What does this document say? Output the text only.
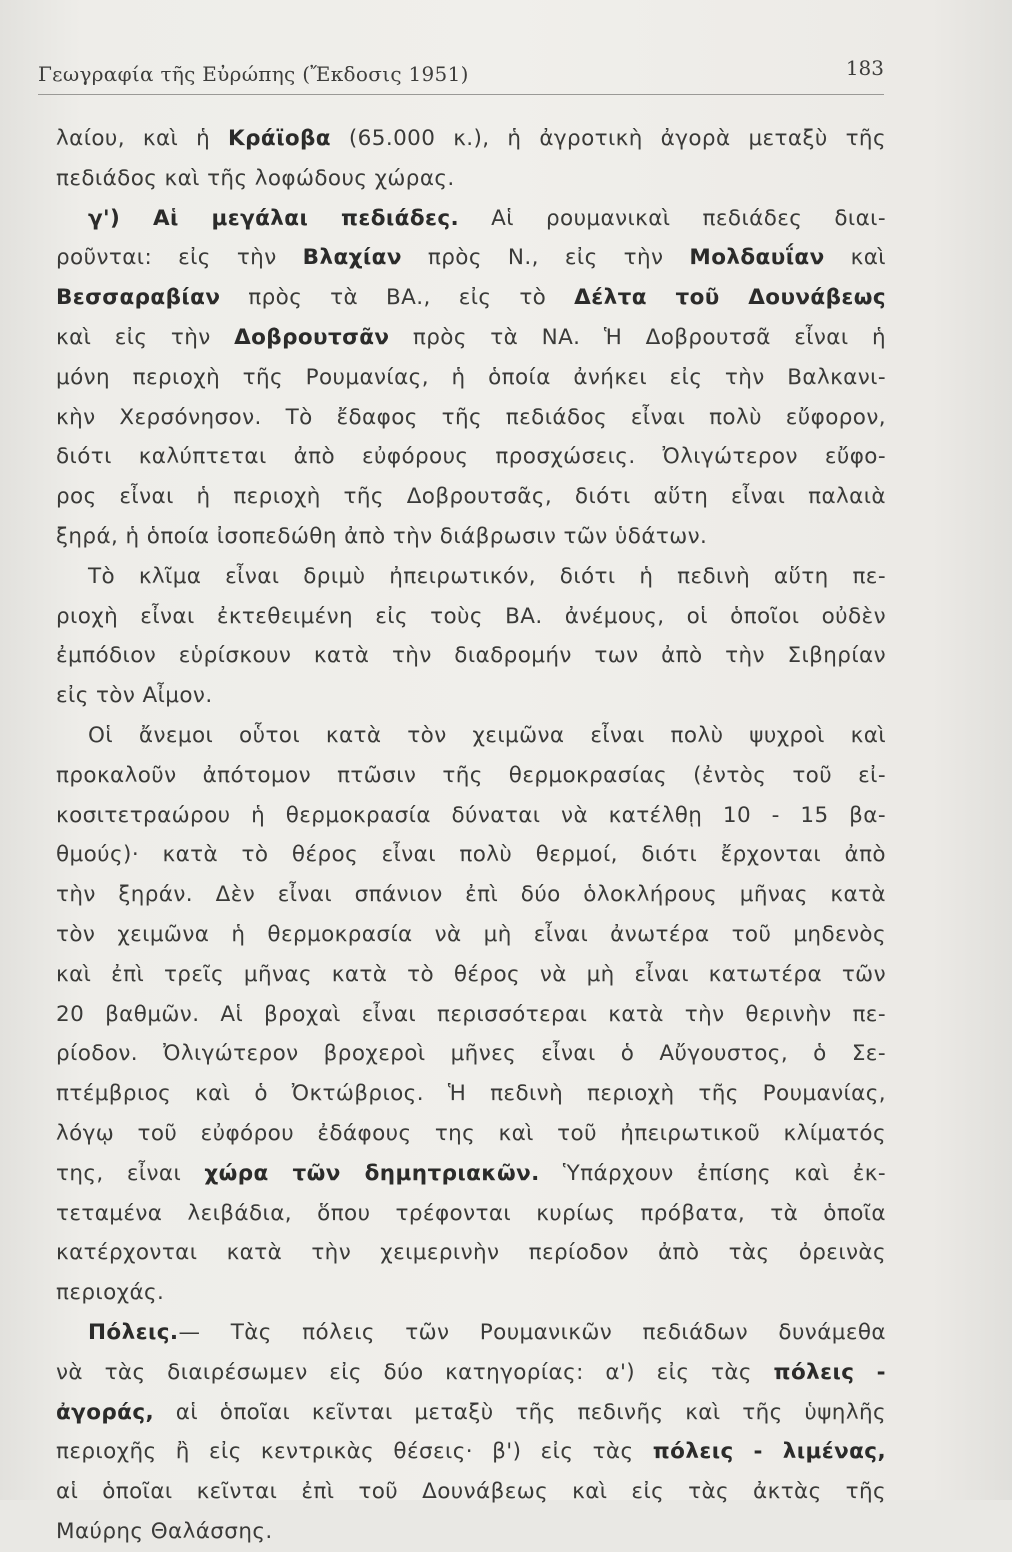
Γεωγραφία τῆς Εὐρώπης (Ἔκδοσις 1951)	183
λαίου, καὶ ἡ Κράϊοβα (65.000 κ.), ἡ ἀγροτικὴ ἀγορὰ μεταξὺ τῆς
πεδιάδος καὶ τῆς λοφώδους χώρας.
γ') Αἱ μεγάλαι πεδιάδες. Αἱ ρουμανικαὶ πεδιάδες διαι-
ροῦνται: εἰς τὴν Βλαχίαν πρὸς Ν., εἰς τὴν Μολδαυΐαν καὶ
Βεσσαραβίαν πρὸς τὰ ΒΑ., εἰς τὸ Δέλτα τοῦ Δουνάβεως
καὶ εἰς τὴν Δοβρουτσᾶν πρὸς τὰ ΝΑ. Ἡ Δοβρουτσᾶ εἶναι ἡ
μόνη περιοχὴ τῆς Ρουμανίας, ἡ ὁποία ἀνήκει εἰς τὴν Βαλκανι-
κὴν Χερσόνησον. Τὸ ἔδαφος τῆς πεδιάδος εἶναι πολὺ εὔφορον,
διότι καλύπτεται ἀπὸ εὐφόρους προσχώσεις. Ὀλιγώτερον εὔφο-
ρος εἶναι ἡ περιοχὴ τῆς Δοβρουτσᾶς, διότι αὕτη εἶναι παλαιὰ
ξηρά, ἡ ὁποία ἰσοπεδώθη ἀπὸ τὴν διάβρωσιν τῶν ὑδάτων.
Τὸ κλῖμα εἶναι δριμὺ ἠπειρωτικόν, διότι ἡ πεδινὴ αὕτη πε-
ριοχὴ εἶναι ἐκτεθειμένη εἰς τοὺς ΒΑ. ἀνέμους, οἱ ὁποῖοι οὐδὲν
ἐμπόδιον εὑρίσκουν κατὰ τὴν διαδρομήν των ἀπὸ τὴν Σιβηρίαν
εἰς τὸν Αἶμον.
Οἱ ἄνεμοι οὗτοι κατὰ τὸν χειμῶνα εἶναι πολὺ ψυχροὶ καὶ
προκαλοῦν ἀπότομον πτῶσιν τῆς θερμοκρασίας (ἐντὸς τοῦ εἰ-
κοσιτετραώρου ἡ θερμοκρασία δύναται νὰ κατέλθῃ 10 - 15 βα-
θμούς)· κατὰ τὸ θέρος εἶναι πολὺ θερμοί, διότι ἔρχονται ἀπὸ
τὴν ξηράν. Δὲν εἶναι σπάνιον ἐπὶ δύο ὁλοκλήρους μῆνας κατὰ
τὸν χειμῶνα ἡ θερμοκρασία νὰ μὴ εἶναι ἀνωτέρα τοῦ μηδενὸς
καὶ ἐπὶ τρεῖς μῆνας κατὰ τὸ θέρος νὰ μὴ εἶναι κατωτέρα τῶν
20 βαθμῶν. Αἱ βροχαὶ εἶναι περισσότεραι κατὰ τὴν θερινὴν πε-
ρίοδον. Ὀλιγώτερον βροχεροὶ μῆνες εἶναι ὁ Αὔγουστος, ὁ Σε-
πτέμβριος καὶ ὁ Ὀκτώβριος. Ἡ πεδινὴ περιοχὴ τῆς Ρουμανίας,
λόγῳ τοῦ εὐφόρου ἐδάφους της καὶ τοῦ ἠπειρωτικοῦ κλίματός
της, εἶναι χώρα τῶν δημητριακῶν. Ὑπάρχουν ἐπίσης καὶ ἐκ-
τεταμένα λειβάδια, ὅπου τρέφονται κυρίως πρόβατα, τὰ ὁποῖα
κατέρχονται κατὰ τὴν χειμερινὴν περίοδον ἀπὸ τὰς ὀρεινὰς
περιοχάς.
Πόλεις.— Τὰς πόλεις τῶν Ρουμανικῶν πεδιάδων δυνάμεθα
νὰ τὰς διαιρέσωμεν εἰς δύο κατηγορίας: α') εἰς τὰς πόλεις -
ἀγοράς, αἱ ὁποῖαι κεῖνται μεταξὺ τῆς πεδινῆς καὶ τῆς ὑψηλῆς
περιοχῆς ἢ εἰς κεντρικὰς θέσεις· β') εἰς τὰς πόλεις - λιμένας,
αἱ ὁποῖαι κεῖνται ἐπὶ τοῦ Δουνάβεως καὶ εἰς τὰς ἀκτὰς τῆς
Μαύρης Θαλάσσης.
